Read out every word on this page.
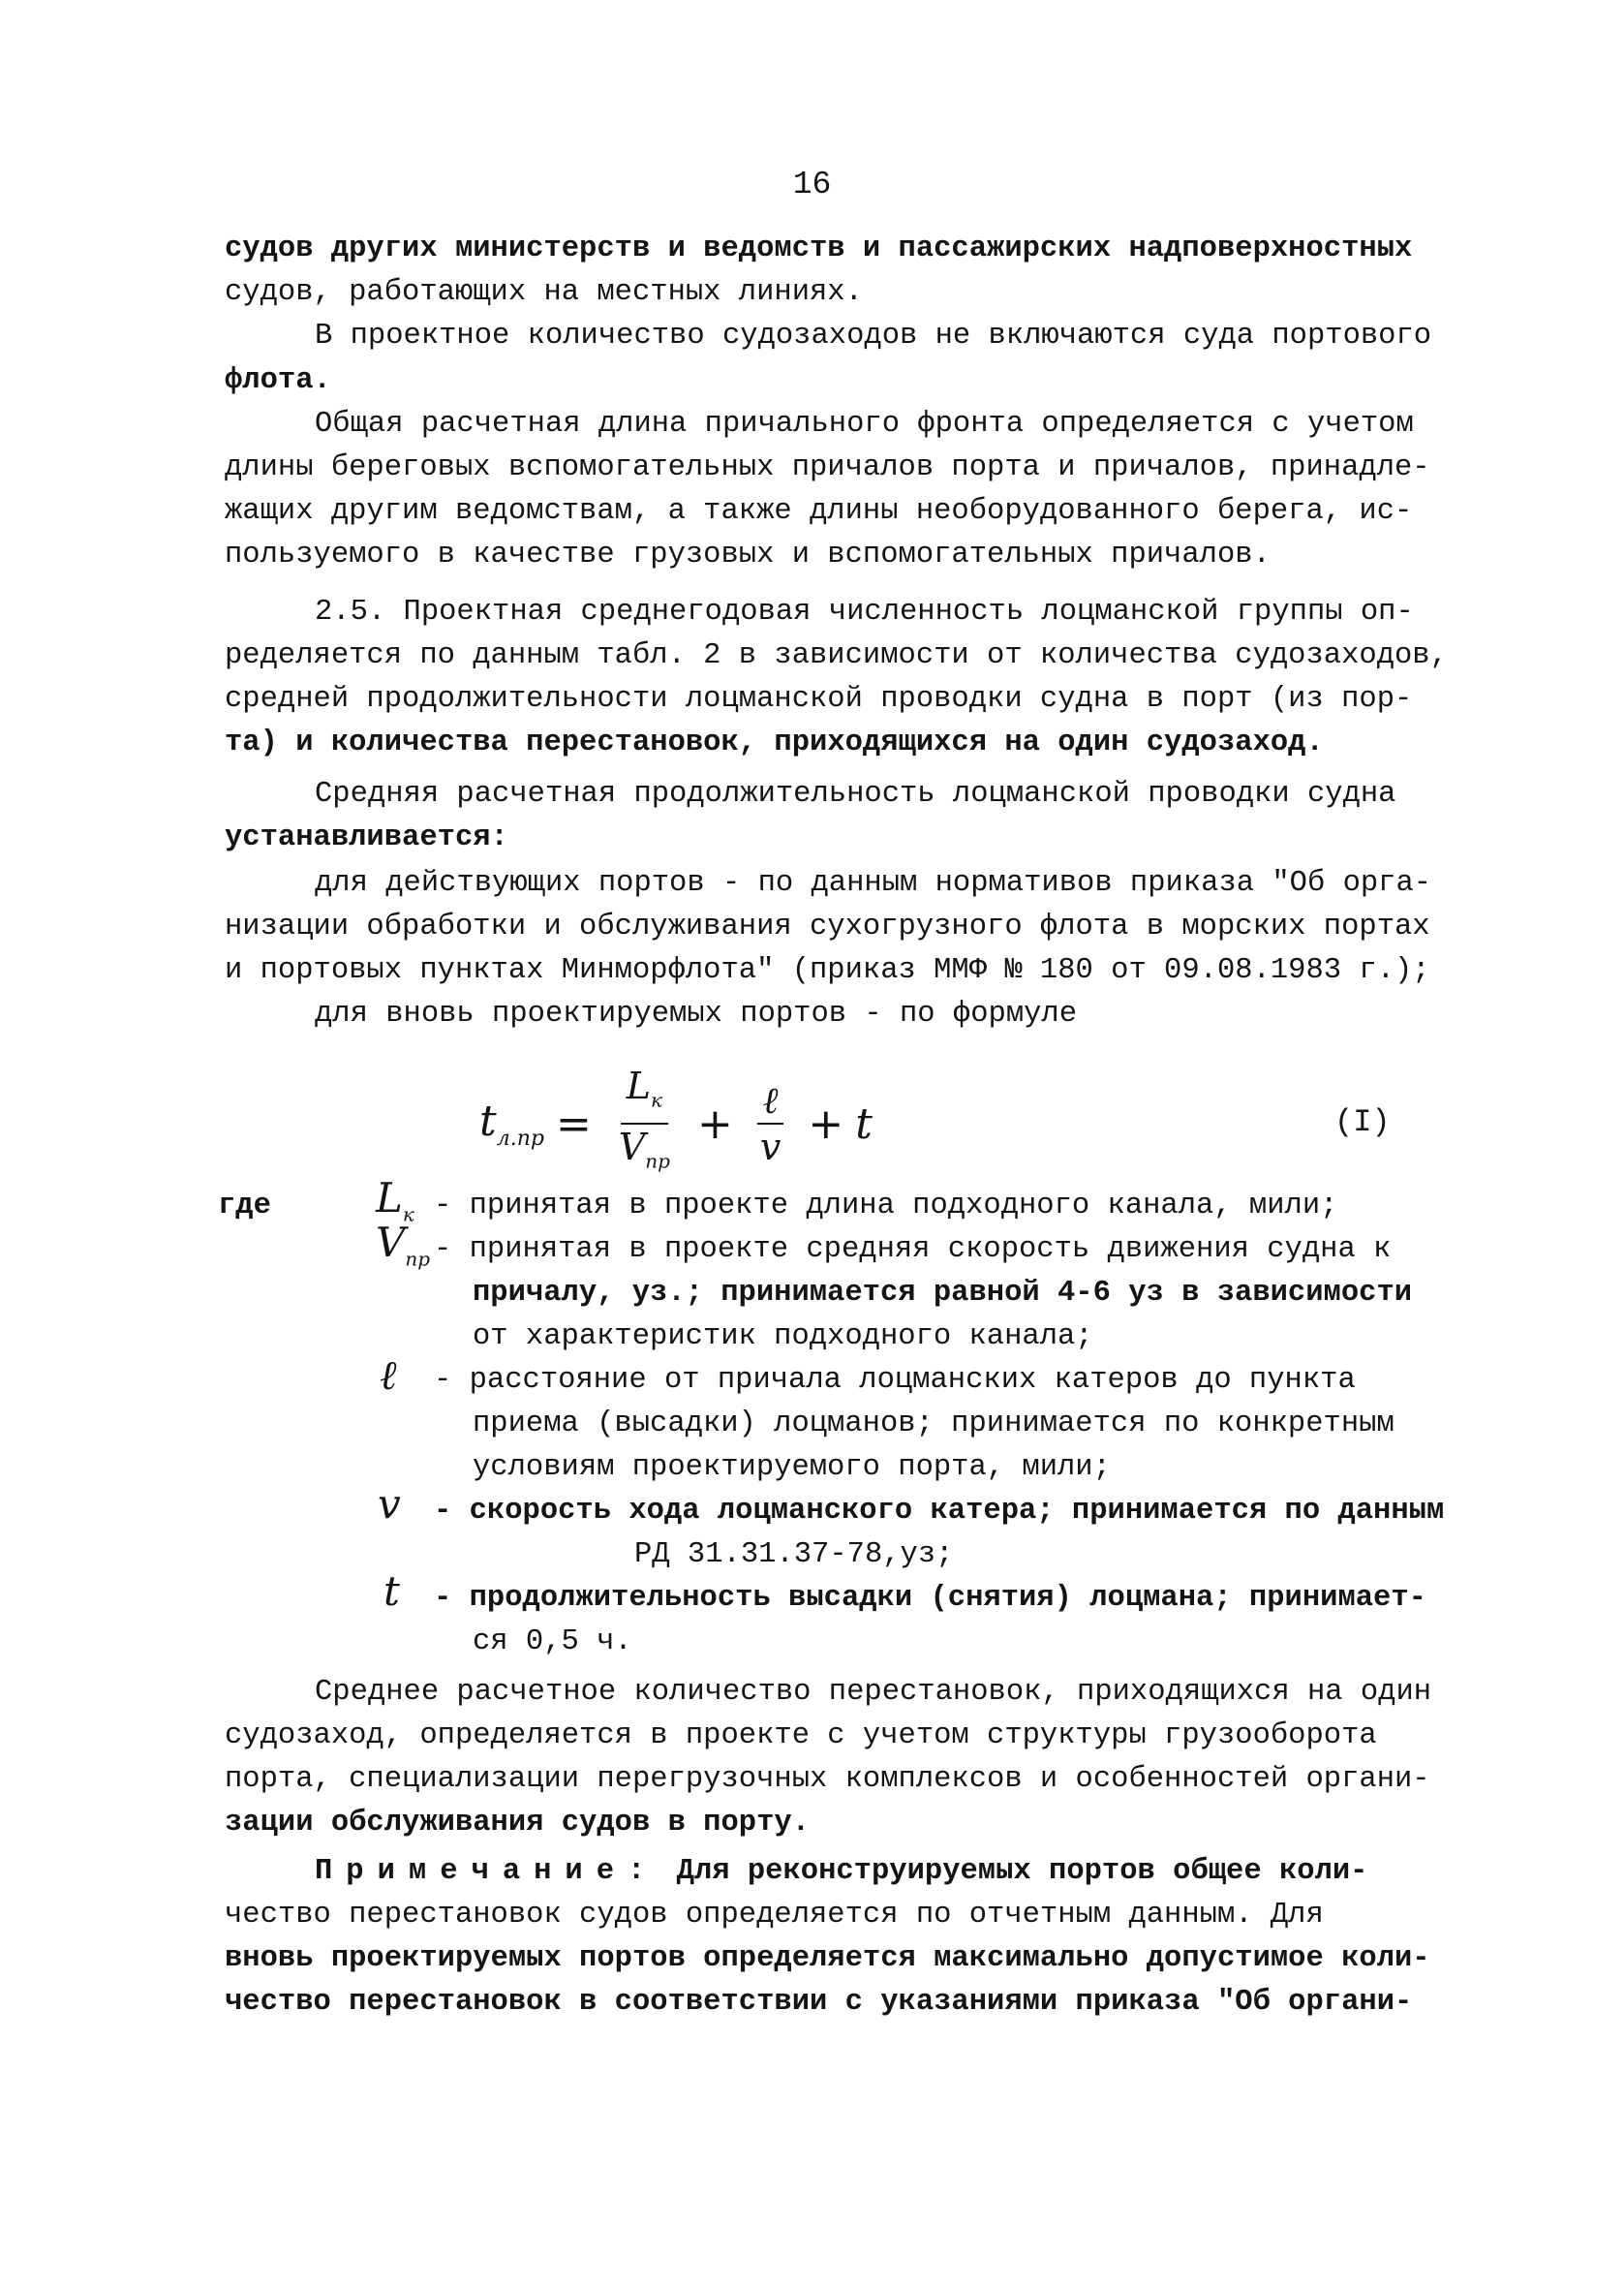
16
судов других министерств и ведомств и пассажирских надповерхностных
судов, работающих на местных линиях.
В проектное количество судозаходов не включаются суда портового
флота.
Общая расчетная длина причального фронта определяется с учетом
длины береговых вспомогательных причалов порта и причалов, принадле-
жащих другим ведомствам, а также длины необорудованного берега, ис-
пользуемого в качестве грузовых и вспомогательных причалов.
2.5. Проектная среднегодовая численность лоцманской группы оп-
ределяется по данным табл. 2 в зависимости от количества судозаходов,
средней продолжительности лоцманской проводки судна в порт (из пор-
та) и количества перестановок, приходящихся на один судозаход.
Средняя расчетная продолжительность лоцманской проводки судна
устанавливается:
для действующих портов - по данным нормативов приказа "Об орга-
низации обработки и обслуживания сухогрузного флота в морских портах
и портовых пунктах Минморфлота" (приказ ММФ № 180 от 09.08.1983 г.);
для вновь проектируемых портов - по формуле
$t_{л.пр} = \frac{L_к}{V_{пр}} + \frac{\text{ℓ}}{v} + t$	(I)
где	$L_к$ - принятая в проекте длина подходного канала, мили;
$V_{пр}$ - принятая в проекте средняя скорость движения судна к
причалу, уз.; принимается равной 4-6 уз в зависимости
от характеристик подходного канала;
ℓ - расстояние от причала лоцманских катеров до пункта
приема (высадки) лоцманов; принимается по конкретным
условиям проектируемого порта, мили;
v - скорость хода лоцманского катера; принимается по данным
РД 31.31.37-78,уз;
t - продолжительность высадки (снятия) лоцмана; принимает-
ся 0,5 ч.
Среднее расчетное количество перестановок, приходящихся на один
судозаход, определяется в проекте с учетом структуры грузооборота
порта, специализации перегрузочных комплексов и особенностей органи-
зации обслуживания судов в порту.
Примечание: Для реконструируемых портов общее коли-
чество перестановок судов определяется по отчетным данным. Для
вновь проектируемых портов определяется максимально допустимое коли-
чество перестановок в соответствии с указаниями приказа "Об органи-
